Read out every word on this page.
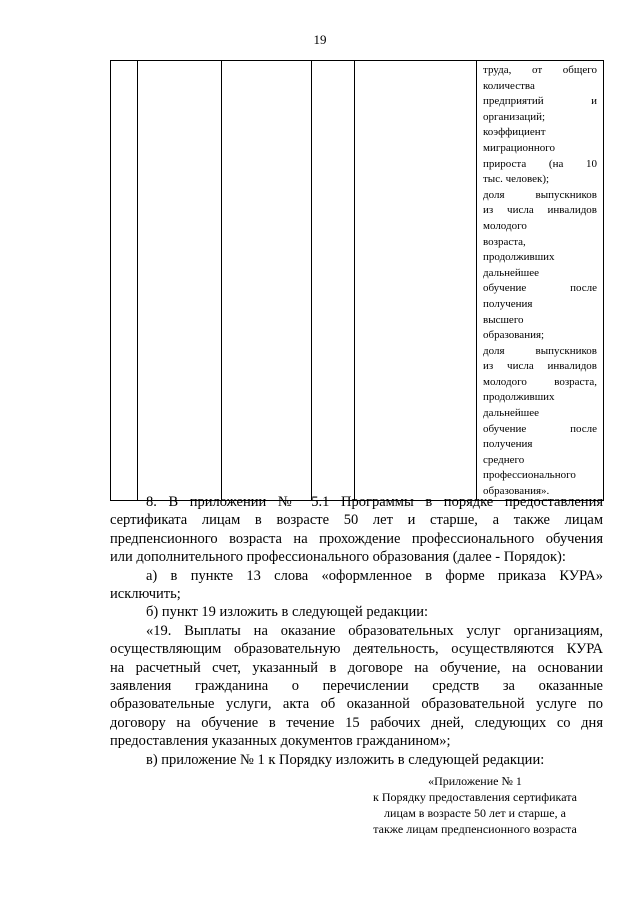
19

труда, от общего
количества
предприятий и
организаций;
коэффициент
миграционного
прироста (на 10
тыс. человек);
доля выпускников
из числа инвалидов
молодого
возраста,
продолживших
дальнейшее
обучение после
получения
высшего
образования;
доля выпускников
из числа инвалидов
молодого возраста,
продолживших
дальнейшее
обучение после
получения
среднего
профессионального
образования».
8. В приложении № 5.1 Программы в порядке предоставления
сертификата лицам в возрасте 50 лет и старше, а также лицам
предпенсионного возраста на прохождение профессионального обучения
или дополнительного профессионального образования (далее - Порядок):
а) в пункте 13 слова «оформленное в форме приказа КУРА»
исключить;
б) пункт 19 изложить в следующей редакции:
«19. Выплаты на оказание образовательных услуг организациям,
осуществляющим образовательную деятельность, осуществляются КУРА
на расчетный счет, указанный в договоре на обучение, на основании
заявления гражданина о перечислении средств за оказанные
образовательные услуги, акта об оказанной образовательной услуге по
договору на обучение в течение 15 рабочих дней, следующих со дня
предоставления указанных документов гражданином»;
в) приложение № 1 к Порядку изложить в следующей редакции:
«Приложение № 1
к Порядку предоставления сертификата
лицам в возрасте 50 лет и старше, а
также лицам предпенсионного возраста
